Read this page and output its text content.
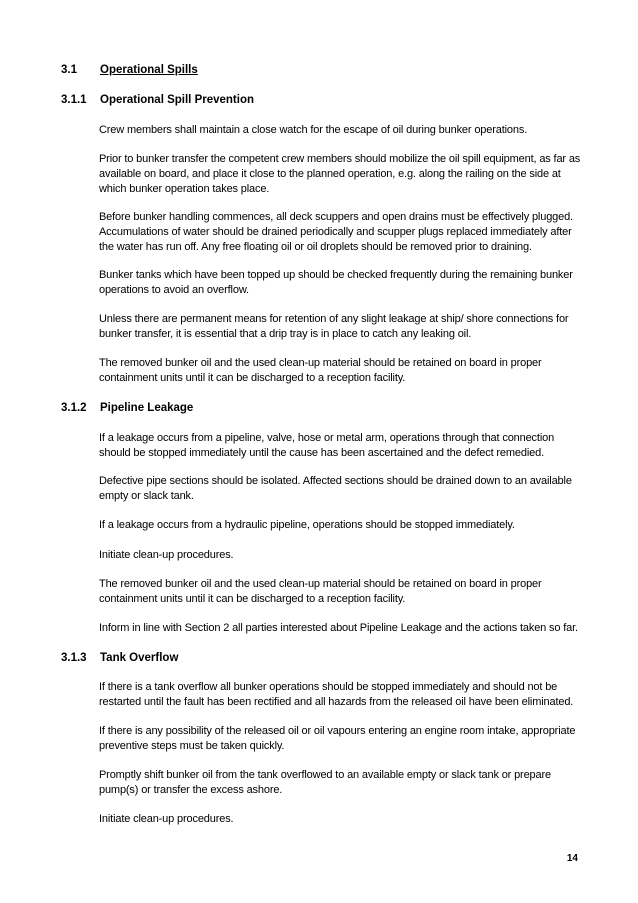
3.1 Operational Spills
3.1.1 Operational Spill Prevention
Crew members shall maintain a close watch for the escape of oil during bunker operations.
Prior to bunker transfer the competent crew members should mobilize the oil spill equipment, as far as available on board, and place it close to the planned operation, e.g. along the railing on the side at which bunker operation takes place.
Before bunker handling commences, all deck scuppers and open drains must be effectively plugged. Accumulations of water should be drained periodically and scupper plugs replaced immediately after the water has run off. Any free floating oil or oil droplets should be removed prior to draining.
Bunker tanks which have been topped up should be checked frequently during the remaining bunker operations to avoid an overflow.
Unless there are permanent means for retention of any slight leakage at ship/ shore connections for bunker transfer, it is essential that a drip tray is in place to catch any leaking oil.
The removed bunker oil and the used clean-up material should be retained on board in proper containment units until it can be discharged to a reception facility.
3.1.2 Pipeline Leakage
If a leakage occurs from a pipeline, valve, hose or metal arm, operations through that connection should be stopped immediately until the cause has been ascertained and the defect remedied.
Defective pipe sections should be isolated. Affected sections should be drained down to an available empty or slack tank.
If a leakage occurs from a hydraulic pipeline, operations should be stopped immediately.
Initiate clean-up procedures.
The removed bunker oil and the used clean-up material should be retained on board in proper containment units until it can be discharged to a reception facility.
Inform in line with Section 2 all parties interested about Pipeline Leakage and the actions taken so far.
3.1.3 Tank Overflow
If there is a tank overflow all bunker operations should be stopped immediately and should not be restarted until the fault has been rectified and all hazards from the released oil have been eliminated.
If there is any possibility of the released oil or oil vapours entering an engine room intake, appropriate preventive steps must be taken quickly.
Promptly shift bunker oil from the tank overflowed to an available empty or slack tank or prepare pump(s) or transfer the excess ashore.
Initiate clean-up procedures.
14
